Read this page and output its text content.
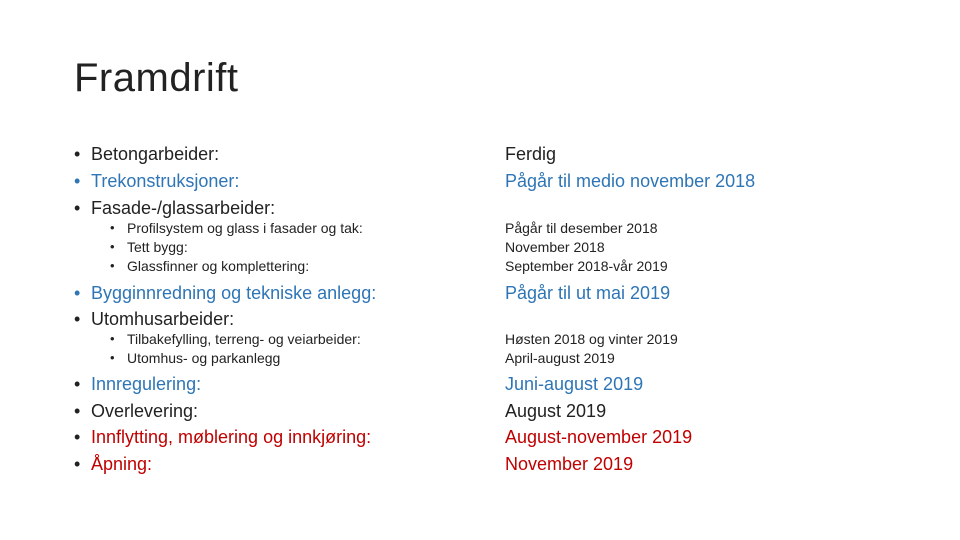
Framdrift
• Betongarbeider:
• Trekonstruksjoner:
• Fasade-/glassarbeider:
• Profilsystem og glass i fasader og tak:
• Tett bygg:
• Glassfinner og komplettering:
• Bygginnredning og tekniske anlegg:
• Utomhusarbeider:
• Tilbakefylling, terreng- og veiarbeider:
• Utomhus- og parkanlegg
• Innregulering:
• Overlevering:
• Innflytting, møblering og innkjøring:
• Åpning:
Ferdig
Pågår til medio november 2018
Pågår til desember 2018
November 2018
September 2018-vår 2019
Pågår til ut mai 2019
Høsten 2018 og vinter 2019
April-august 2019
Juni-august 2019
August 2019
August-november 2019
November 2019
